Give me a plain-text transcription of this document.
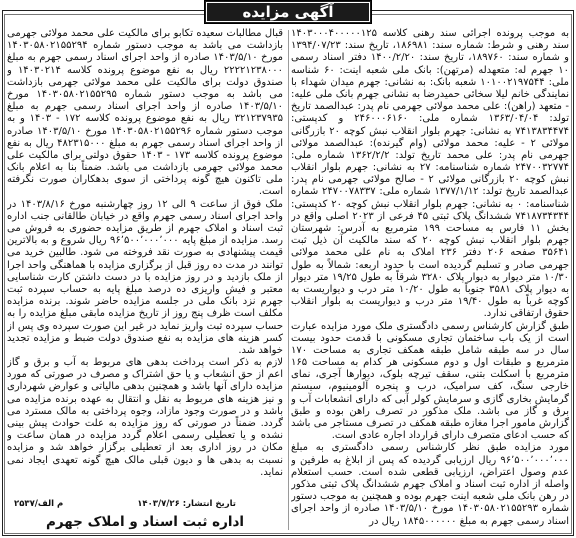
آگهی مزایده

به موجب پرونده اجرائی سند رهنی کلاسه ۱۴۰۳۰۰۰۴۰۰۰۰۰۱۲۵ سند رهنی و شرط: شماره سند: ۱۸۶۹۸۱، تاریخ سند: ۱۳۹۴/۰۷/۲۳ و شماره سند: ۱۸۹۷۶۰، تاریخ سند: ۱۴۰۰/۲/۲۰ دفتر اسناد رسمی ۱۰ جهرم له: متعهدله (مرتهن): بانک ملی شعبه اینت: ۶۰ شناسه ملی: ۱۰۱۰۰۲۱۹۷۵۴۴ شعبه بانک: به نشانی: جهرم میدان شهداء با نمایندگی خانم لیلا سخائی حمیدرضا به نشانی جهرم بانک ملی علیه: - متعهد (راهن): علی محمد مولائی جهرمی نام پدر: عبدالصمد تاریخ تولد: ۱۳۶۳/۰۴/۰۴ شماره ملی: ۲۴۶۰۰۰۶۱۶۰ و کدپستی: ۷۴۱۳۸۳۴۴۷۴ به نشانی: جهرم بلوار انقلاب نبش کوچه ۲۰ بازرگانی مولائی ۲ - علیه: محمد مولائی (وام گیرنده): عبدالصمد مولائی جهرمی نام پدر: علی محمد تاریخ تولد: ۱۳۶۲/۲/۲ شماره ملی: ۲۴۷۰۰۳۲۷۷۴ شماره شناسنامه: ۲۷ به نشانی: جهرم بلوار انقلاب نبش کوچه ۲۰ بازرگانی مولائی ۲ - صالح مولائی جهرمی نام پدر: عبدالصمد تاریخ تولد: ۱۳۷۷/۱/۱۲ شماره ملی: ۲۴۷۰۰۷۸۳۳۷ شماره شناسنامه: ۰ به نشانی: جهرم بلوار انقلاب نبش کوچه ۲۰ کدپستی: ۷۴۱۸۷۳۴۳۴۴ ششدانگ پلاک ثبتی ۴۵ فرعی از ۲۰۲۳ اصلی واقع در بخش ۱۱ فارس به مساحت ۱۹۹ مترمربع به آدرس: شهرستان جهرم بلوار انقلاب نبش کوچه ۲۰ که سند مالکیت آن ذیل ثبت ۳۵۶۴۱ صفحه ۲۰۶ دفتر ۲۳۶ املاک به نام علی محمد مولائی جهرمی صادر و تسلیم گردیده است با حدود اربعه: شمالاً به طول ۱۰/۳۰ متر دیوار به دیوار پلاک ۳۲۸۰ شرقاً به طول ۱۹/۲۵ متر دیوار به دیوار پلاک ۳۵۸۱ جنوباً به طول ۱۰/۲۰ متر درب و دیواریست به کوچه غرباً به طول ۱۹/۴۰ متر درب و دیواریست به بلوار انقلاب حقوق ارتفاقی ندارد.

طبق گزارش کارشناس رسمی دادگستری ملک مورد مزایده عبارت است از یک باب ساختمان تجاری مسکونی با قدمت حدود بیست سال در سه طبقه شامل طبقه همکف تجاری به مساحت ۱۷۰ مترمربع و طبقات اول و دوم مسکونی هر کدام به مساحت ۱۶۵ مترمربع با اسکلت بتنی، سقف تیرچه بلوک، دیوارها آجری، نمای خارجی سنگ، کف سرامیک، درب و پنجره آلومینیوم، سیستم گرمایش بخاری گازی و سرمایش کولر آبی که دارای انشعابات آب و برق و گاز می باشد. ملک مذکور در تصرف راهن بوده و طبق گزارش مامور اجرا مغازه طبقه همکف در تصرف مستاجر می باشد که حسب ادعای متصرف دارای قرارداد اجاره عادی است.

مورد مزایده طبق نظر کارشناس رسمی دادگستری به مبلغ ۹۶٬۵۰۰٬۰۰۰٬۰۰۰ ریال ارزیابی گردیده که پس از ابلاغ به طرفین و عدم وصول اعتراض، ارزیابی قطعی شده است. حسب استعلام واصله از اداره ثبت اسناد و املاک جهرم ششدانگ پلاک ثبتی مذکور در رهن بانک ملی شعبه اینت جهرم بوده و همچنین به موجب دستور شماره ۱۴۰۳۰۵۸۰۲۱۵۵۲۹۳ مورخ ۱۴۰۳/۵/۱۰ صادره از واحد اجرای اسناد رسمی جهرم به مبلغ ۱۸۴۵۰۰۰۰۰۰ ریال در

قبال مطالبات سعیده تکابو برای مالکیت علی محمد مولائی جهرمی بازداشت می باشد به موجب دستور شماره ۱۴۰۳۰۵۸۰۲۱۵۵۲۹۴ مورخ ۱۴۰۳/۵/۱۰ صادره از واحد اجرای اسناد رسمی جهرم به مبلغ ۲۲۲۲۱۲۳۸۰۰۰ ریال به نفع موضوع پرونده کلاسه ۱۴۰۳۰۲۱۴ و صندوق دولت برای مالکیت علی محمد مولائی جهرمی بازداشت می باشد به موجب دستور شماره ۱۴۰۳۰۵۸۰۲۱۵۵۲۹۵ مورخ ۱۴۰۳/۵/۱۰ صادره از واحد اجرای اسناد رسمی جهرم به مبلغ ۳۲۱۲۳۷۹۳۵ ریال به نفع موضوع پرونده کلاسه ۱۷۲ - ۱۴۰۳ و به موجب دستور شماره ۱۴۰۳۰۵۸۰۲۱۵۵۲۹۶ مورخ ۱۴۰۳/۵/۱۰ صادره از واحد اجرای اسناد رسمی جهرم به مبلغ ۴۸۲۳۱۵۰۰۰ ریال به نفع موضوع پرونده کلاسه ۱۷۳ - ۱۴۰۳ حقوق دولتی برای مالکیت علی محمد مولائی جهرمی بازداشت می باشد. ضمناً بنا به اعلام بانک ملی تاکنون هیچ گونه پرداختی از سوی بدهکاران صورت نگرفته است.

ملک فوق از ساعت ۹ الی ۱۲ روز چهارشنبه مورخ ۱۴۰۳/۸/۱۶ در واحد اجرای اسناد رسمی جهرم واقع در خیابان طالقانی جنب اداره ثبت اسناد و املاک جهرم از طریق مزایده حضوری به فروش می رسد. مزایده از مبلغ پایه ۹۶٬۵۰۰٬۰۰۰٬۰۰۰ ریال شروع و به بالاترین قیمت پیشنهادی به صورت نقد فروخته می شود. طالبین خرید می توانند در مدت ده روز قبل از برگزاری مزایده با هماهنگی واحد اجرا از ملک بازدید و در روز مزایده با در دست داشتن کارت شناسایی معتبر و فیش واریزی ده درصد مبلغ پایه به حساب سپرده ثبت جهرم نزد بانک ملی در جلسه مزایده حاضر شوند. برنده مزایده مکلف است ظرف پنج روز از تاریخ مزایده مابقی مبلغ مزایده را به حساب سپرده ثبت واریز نماید در غیر این صورت سپرده وی پس از کسر هزینه های مزایده به نفع صندوق دولت ضبط و مزایده تجدید خواهد شد.

لازم به ذکر است پرداخت بدهی های مربوط به آب و برق و گاز اعم از حق انشعاب و یا حق اشتراک و مصرف در صورتی که مورد مزایده دارای آنها باشد و همچنین بدهی مالیاتی و عوارض شهرداری و نیز هزینه های مربوط به نقل و انتقال به عهده برنده مزایده می باشد و در صورت وجود مازاد، وجوه پرداختی به مالک مسترد می گردد. ضمناً در صورتی که روز مزایده به علت حوادث پیش بینی نشده و یا تعطیلی رسمی اعلام گردد مزایده در همان ساعت و مکان در روز اداری بعد از تعطیلی برگزار خواهد شد و مزایده نسبت به بدهی ها و دیون قبلی مالک هیچ گونه تعهدی ایجاد نمی نماید.

تاریخ انتشار: ۱۴۰۳/۷/۲۶
م الف/۲۵۳۷
اداره ثبت اسناد و املاک جهرم
